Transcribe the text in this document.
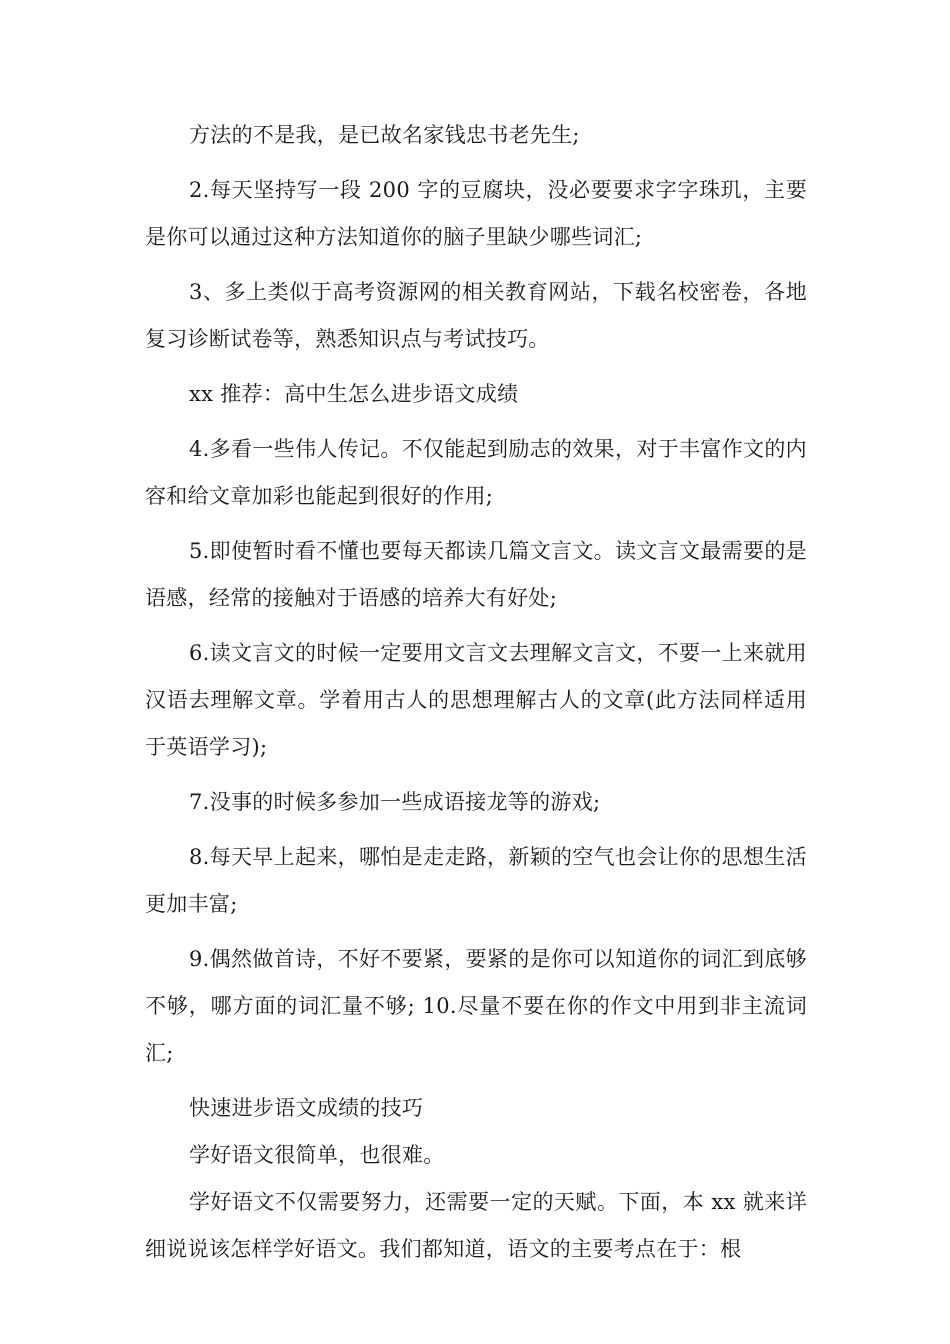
方法的不是我，是已故名家钱忠书老先生;

2.每天坚持写一段 200 字的豆腐块，没必要要求字字珠玑，主要是你可以通过这种方法知道你的脑子里缺少哪些词汇;

3、多上类似于高考资源网的相关教育网站，下载名校密卷，各地复习诊断试卷等，熟悉知识点与考试技巧。

xx 推荐：高中生怎么进步语文成绩

4.多看一些伟人传记。不仅能起到励志的效果，对于丰富作文的内容和给文章加彩也能起到很好的作用;

5.即使暂时看不懂也要每天都读几篇文言文。读文言文最需要的是语感，经常的接触对于语感的培养大有好处;

6.读文言文的时候一定要用文言文去理解文言文，不要一上来就用汉语去理解文章。学着用古人的思想理解古人的文章(此方法同样适用于英语学习);

7.没事的时候多参加一些成语接龙等的游戏;

8.每天早上起来，哪怕是走走路，新颖的空气也会让你的思想生活更加丰富;

9.偶然做首诗，不好不要紧，要紧的是你可以知道你的词汇到底够不够，哪方面的词汇量不够; 10.尽量不要在你的作文中用到非主流词汇;

快速进步语文成绩的技巧

学好语文很简单，也很难。

学好语文不仅需要努力，还需要一定的天赋。下面，本 xx 就来详细说说该怎样学好语文。我们都知道，语文的主要考点在于：根
